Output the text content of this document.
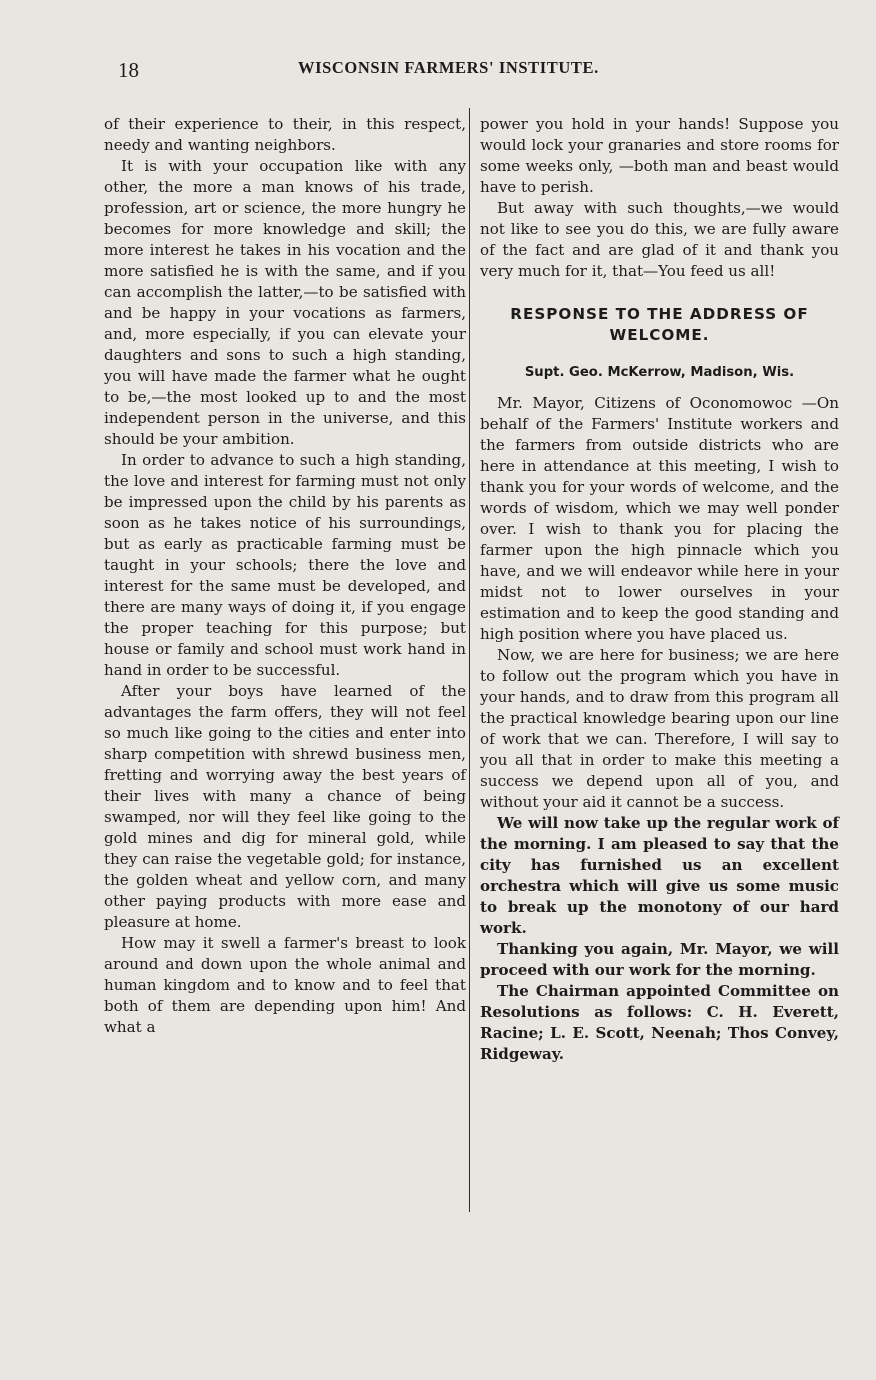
18	WISCONSIN FARMERS' INSTITUTE.

of their experience to their, in this respect, needy and wanting neighbors.

It is with your occupation like with any other, the more a man knows of his trade, profession, art or science, the more hungry he becomes for more knowledge and skill; the more interest he takes in his vocation and the more satisfied he is with the same, and if you can accomplish the latter,—to be satisfied with and be happy in your vocations as farmers, and, more especially, if you can elevate your daughters and sons to such a high standing, you will have made the farmer what he ought to be,—the most looked up to and the most independent person in the universe, and this should be your ambition.

In order to advance to such a high standing, the love and interest for farming must not only be impressed upon the child by his parents as soon as he takes notice of his surroundings, but as early as practicable farming must be taught in your schools; there the love and interest for the same must be developed, and there are many ways of doing it, if you engage the proper teaching for this purpose; but house or family and school must work hand in hand in order to be successful.

After your boys have learned of the advantages the farm offers, they will not feel so much like going to the cities and enter into sharp competition with shrewd business men, fretting and worrying away the best years of their lives with many a chance of being swamped, nor will they feel like going to the gold mines and dig for mineral gold, while they can raise the vegetable gold; for instance, the golden wheat and yellow corn, and many other paying products with more ease and pleasure at home.

How may it swell a farmer's breast to look around and down upon the whole animal and human kingdom and to know and to feel that both of them are depending upon him! And what a

power you hold in your hands! Suppose you would lock your granaries and store rooms for some weeks only, —both man and beast would have to perish.

But away with such thoughts,—we would not like to see you do this, we are fully aware of the fact and are glad of it and thank you very much for it, that—You feed us all!

RESPONSE TO THE ADDRESS OF WELCOME.
Supt. Geo. McKerrow, Madison, Wis.

Mr. Mayor, Citizens of Oconomowoc —On behalf of the Farmers' Institute workers and the farmers from outside districts who are here in attendance at this meeting, I wish to thank you for your words of welcome, and the words of wisdom, which we may well ponder over. I wish to thank you for placing the farmer upon the high pinnacle which you have, and we will endeavor while here in your midst not to lower ourselves in your estimation and to keep the good standing and high position where you have placed us.

Now, we are here for business; we are here to follow out the program which you have in your hands, and to draw from this program all the practical knowledge bearing upon our line of work that we can. Therefore, I will say to you all that in order to make this meeting a success we depend upon all of you, and without your aid it cannot be a success.

We will now take up the regular work of the morning. I am pleased to say that the city has furnished us an excellent orchestra which will give us some music to break up the monotony of our hard work.

Thanking you again, Mr. Mayor, we will proceed with our work for the morning.

The Chairman appointed Committee on Resolutions as follows: C. H. Everett, Racine; L. E. Scott, Neenah; Thos Convey, Ridgeway.
